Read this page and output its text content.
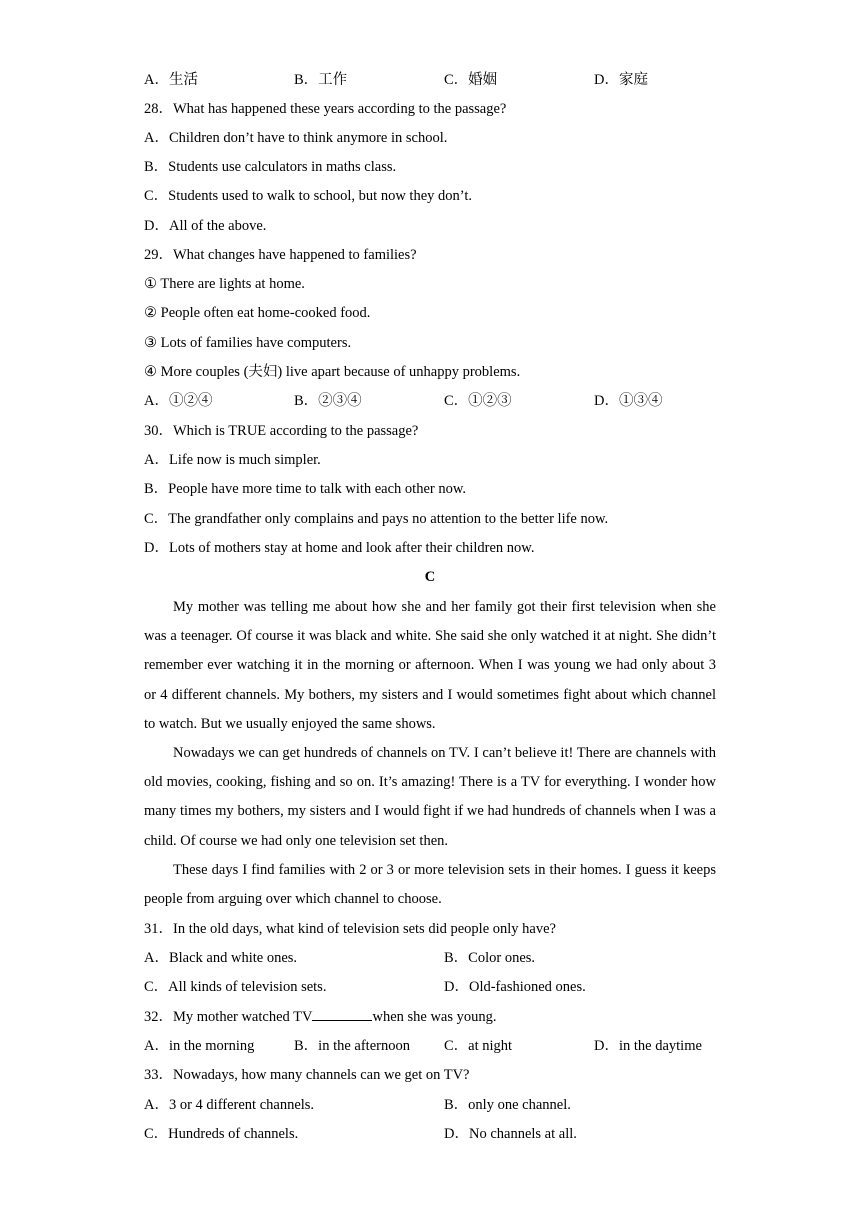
A．生活	B．工作	C．婚姻	D．家庭
28．What has happened these years according to the passage?
A．Children don’t have to think anymore in school.
B．Students use calculators in maths class.
C．Students used to walk to school, but now they don’t.
D．All of the above.
29．What changes have happened to families?
① There are lights at home.
② People often eat home-cooked food.
③ Lots of families have computers.
④ More couples (夫妇) live apart because of unhappy problems.
A．①②④	B．②③④	C．①②③	D．①③④
30．Which is TRUE according to the passage?
A．Life now is much simpler.
B．People have more time to talk with each other now.
C．The grandfather only complains and pays no attention to the better life now.
D．Lots of mothers stay at home and look after their children now.
C

My mother was telling me about how she and her family got their first television when she was a teenager. Of course it was black and white. She said she only watched it at night. She didn’t remember ever watching it in the morning or afternoon. When I was young we had only about 3 or 4 different channels. My bothers, my sisters and I would sometimes fight about which channel to watch. But we usually enjoyed the same shows.

Nowadays we can get hundreds of channels on TV. I can’t believe it! There are channels with old movies, cooking, fishing and so on. It’s amazing! There is a TV for everything. I wonder how many times my bothers, my sisters and I would fight if we had hundreds of channels when I was a child. Of course we had only one television set then.

These days I find families with 2 or 3 or more television sets in their homes. I guess it keeps people from arguing over which channel to choose.

31．In the old days, what kind of television sets did people only have?
A．Black and white ones.	B．Color ones.
C．All kinds of television sets.	D．Old-fashioned ones.
32．My mother watched TV	when she was young.
A．in the morning	B．in the afternoon	C．at night	D．in the daytime
33．Nowadays, how many channels can we get on TV?
A．3 or 4 different channels.	B．only one channel.
C．Hundreds of channels.	D．No channels at all.
